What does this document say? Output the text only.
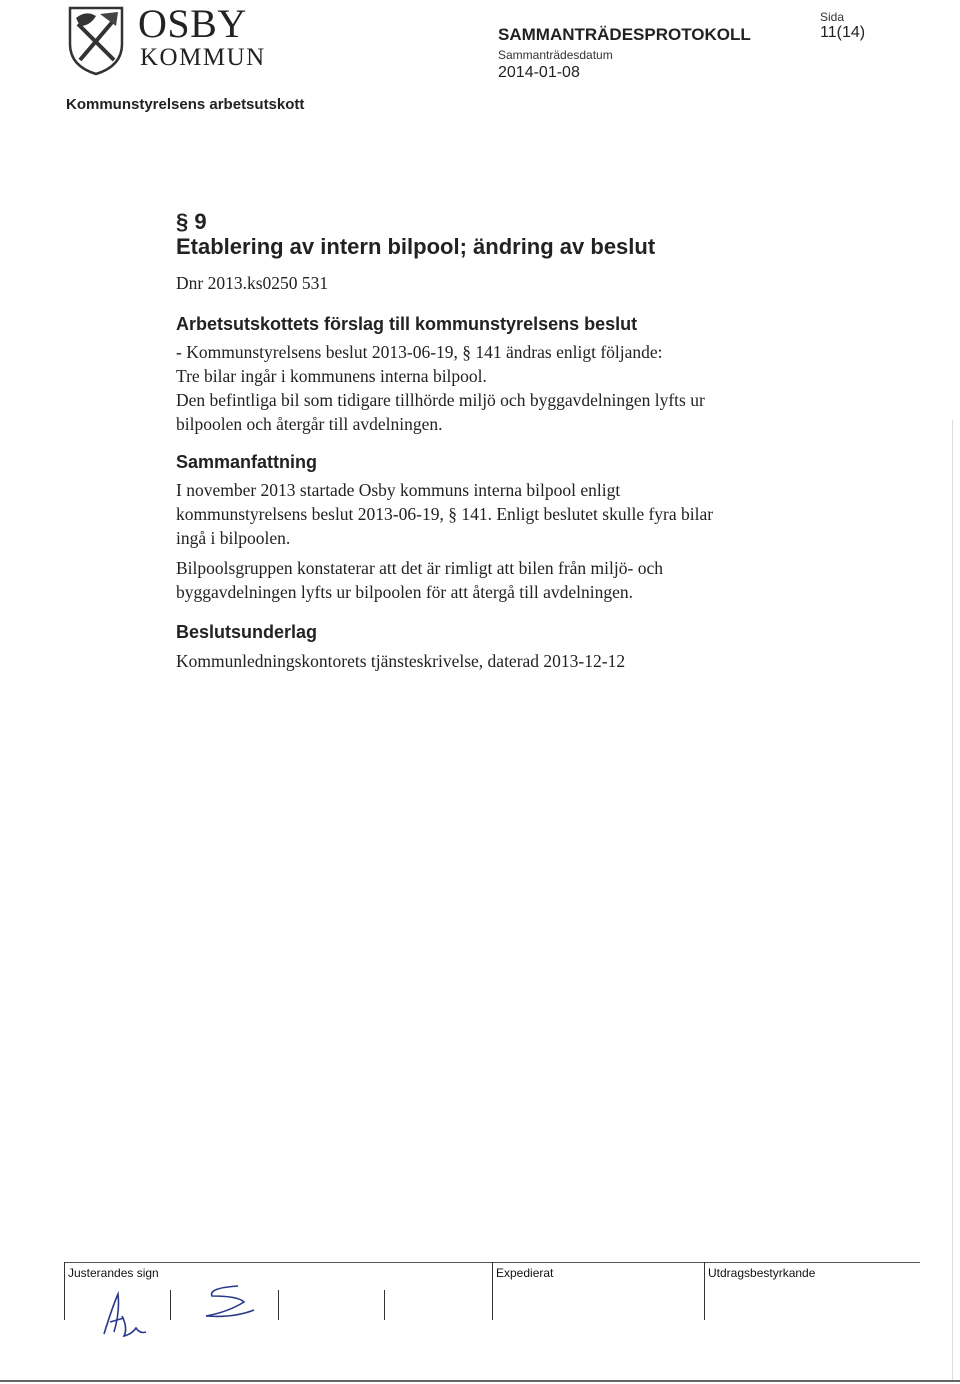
OSBY
KOMMUN
SAMMANTRÄDESPROTOKOLL
Sammanträdesdatum
2014-01-08
Sida
11(14)
Kommunstyrelsens arbetsutskott
§ 9
Etablering av intern bilpool; ändring av beslut
Dnr 2013.ks0250 531
Arbetsutskottets förslag till kommunstyrelsens beslut
- Kommunstyrelsens beslut 2013-06-19, § 141 ändras enligt följande:
Tre bilar ingår i kommunens interna bilpool.
Den befintliga bil som tidigare tillhörde miljö och byggavdelningen lyfts ur
bilpoolen och återgår till avdelningen.
Sammanfattning
I november 2013 startade Osby kommuns interna bilpool enligt
kommunstyrelsens beslut 2013-06-19, § 141. Enligt beslutet skulle fyra bilar
ingå i bilpoolen.
Bilpoolsgruppen konstaterar att det är rimligt att bilen från miljö- och
byggavdelningen lyfts ur bilpoolen för att återgå till avdelningen.
Beslutsunderlag
Kommunledningskontorets tjänsteskrivelse, daterad 2013-12-12
Justerandes sign	Expedierat	Utdragsbestyrkande
